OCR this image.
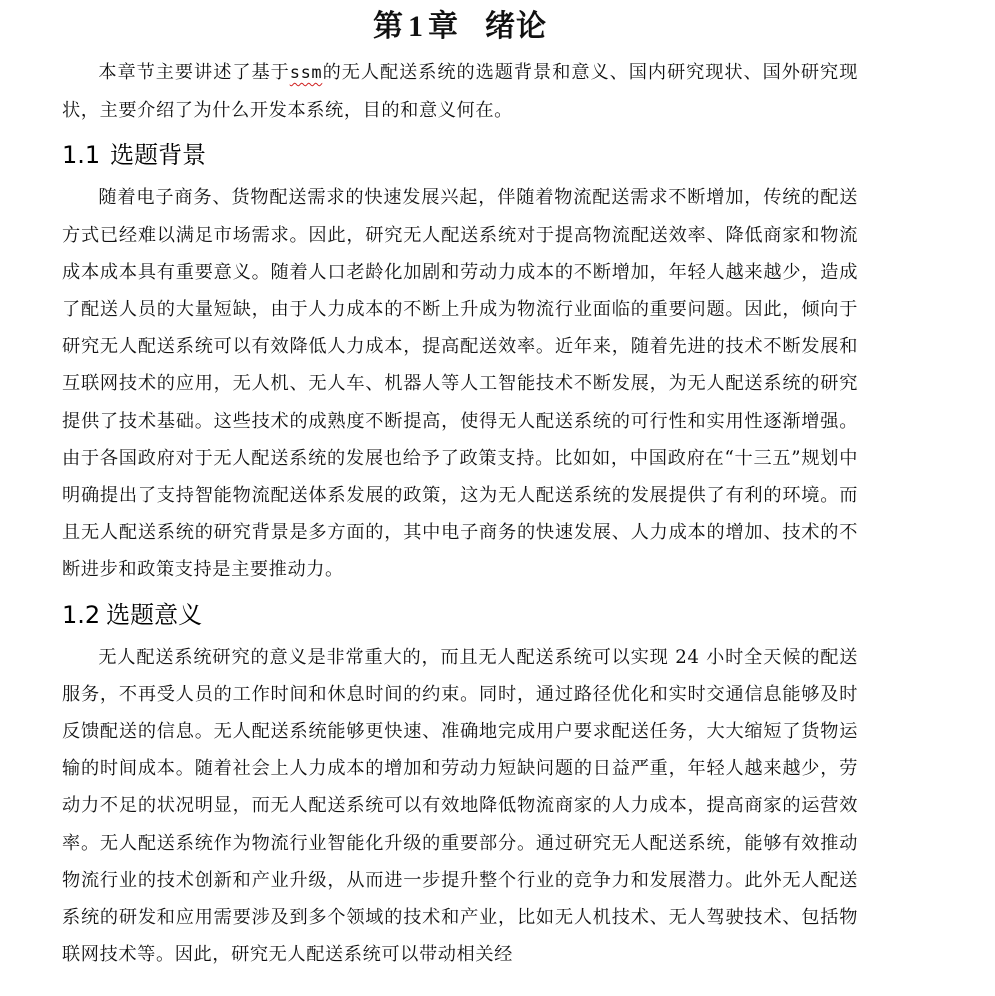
第 1 章 绪论

本章节主要讲述了基于ssm的无人配送系统的选题背景和意义、国内研究现状、国外研究现状，主要介绍了为什么开发本系统，目的和意义何在。

1.1 选题背景

随着电子商务、货物配送需求的快速发展兴起，伴随着物流配送需求不断增加，传统的配送方式已经难以满足市场需求。因此，研究无人配送系统对于提高物流配送效率、降低商家和物流成本成本具有重要意义。随着人口老龄化加剧和劳动力成本的不断增加，年轻人越来越少，造成了配送人员的大量短缺，由于人力成本的不断上升成为物流行业面临的重要问题。因此，倾向于研究无人配送系统可以有效降低人力成本，提高配送效率。近年来，随着先进的技术不断发展和互联网技术的应用，无人机、无人车、机器人等人工智能技术不断发展，为无人配送系统的研究提供了技术基础。这些技术的成熟度不断提高，使得无人配送系统的可行性和实用性逐渐增强。由于各国政府对于无人配送系统的发展也给予了政策支持。比如如，中国政府在“十三五”规划中明确提出了支持智能物流配送体系发展的政策，这为无人配送系统的发展提供了有利的环境。而且无人配送系统的研究背景是多方面的，其中电子商务的快速发展、人力成本的增加、技术的不断进步和政策支持是主要推动力。

1.2 选题意义

无人配送系统研究的意义是非常重大的，而且无人配送系统可以实现 24 小时全天候的配送服务，不再受人员的工作时间和休息时间的约束。同时，通过路径优化和实时交通信息能够及时反馈配送的信息。无人配送系统能够更快速、准确地完成用户要求配送任务，大大缩短了货物运输的时间成本。随着社会上人力成本的增加和劳动力短缺问题的日益严重，年轻人越来越少，劳动力不足的状况明显，而无人配送系统可以有效地降低物流商家的人力成本，提高商家的运营效率。无人配送系统作为物流行业智能化升级的重要部分。通过研究无人配送系统，能够有效推动物流行业的技术创新和产业升级，从而进一步提升整个行业的竞争力和发展潜力。此外无人配送系统的研发和应用需要涉及到多个领域的技术和产业，比如无人机技术、无人驾驶技术、包括物联网技术等。因此，研究无人配送系统可以带动相关经
